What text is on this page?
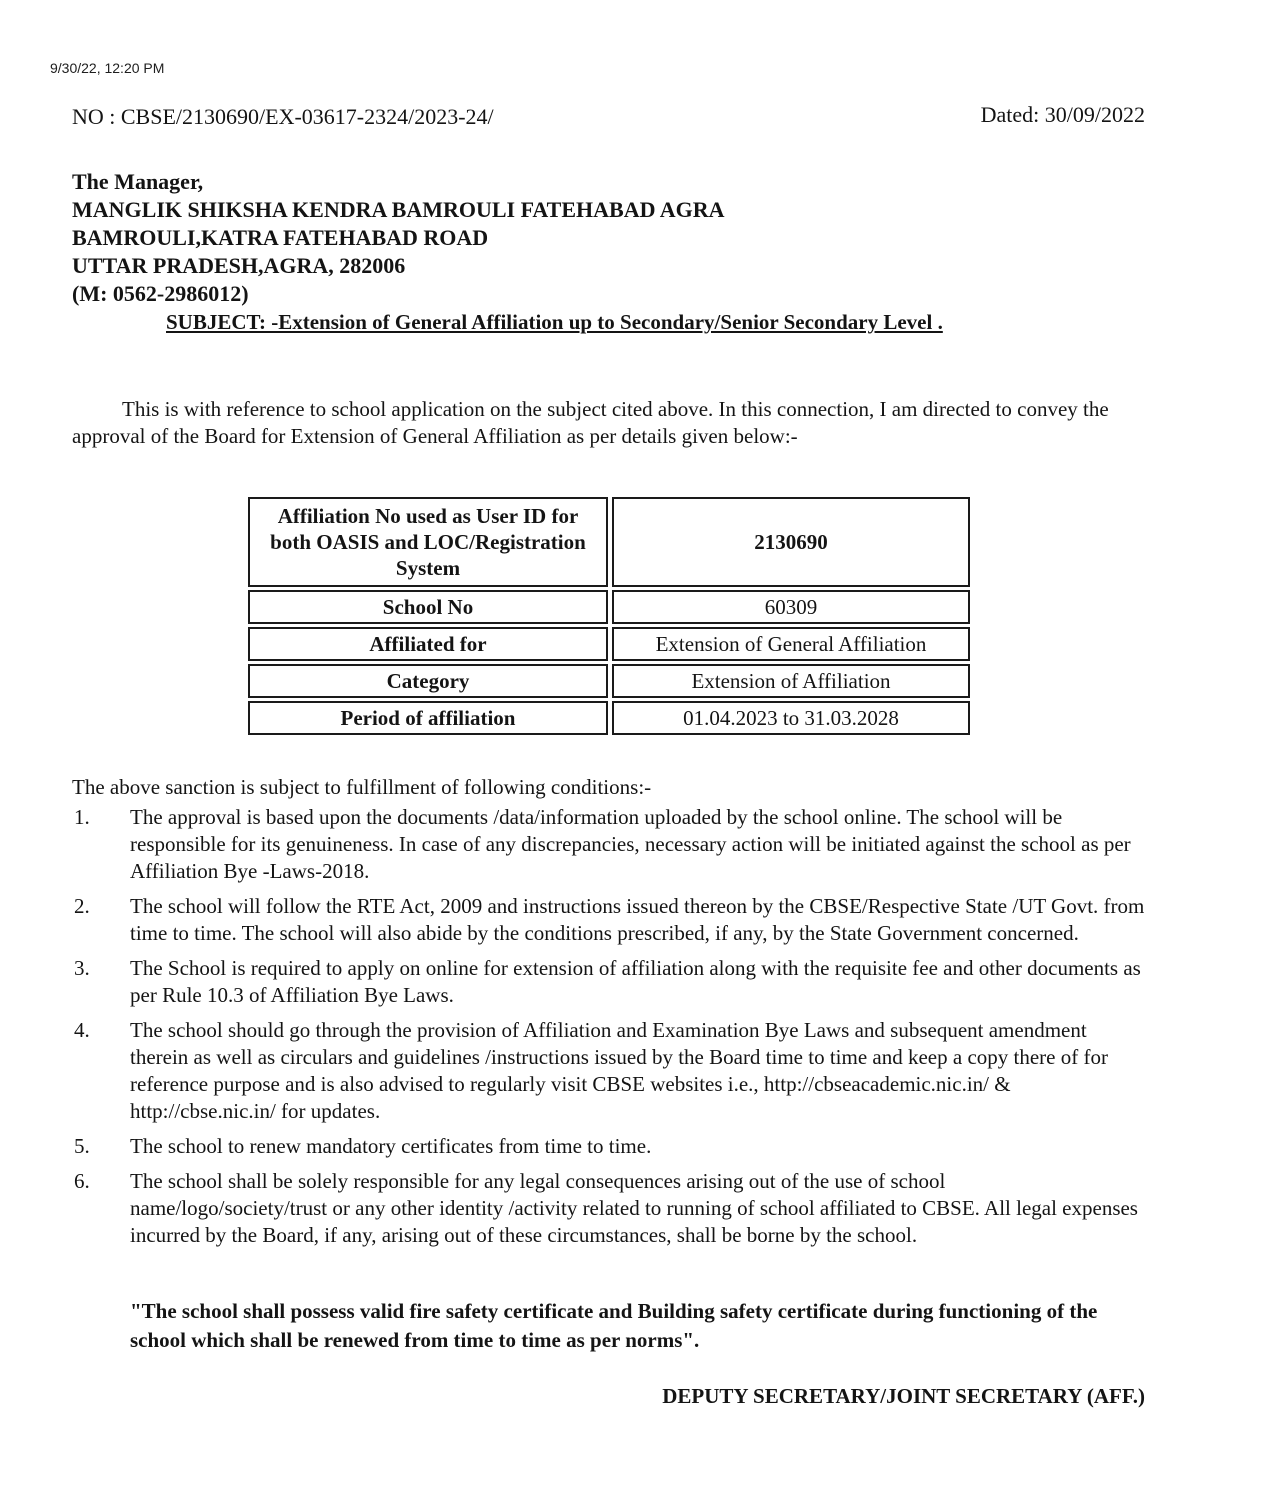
9/30/22, 12:20 PM
NO : CBSE/2130690/EX-03617-2324/2023-24/	Dated: 30/09/2022
The Manager,
MANGLIK SHIKSHA KENDRA BAMROULI FATEHABAD AGRA
BAMROULI,KATRA FATEHABAD ROAD
UTTAR PRADESH,AGRA, 282006
(M: 0562-2986012)
SUBJECT: -Extension of General Affiliation up to Secondary/Senior Secondary Level .

This is with reference to school application on the subject cited above. In this connection, I am directed to convey the approval of the Board for Extension of General Affiliation as per details given below:-

Affiliation No used as User ID for both OASIS and LOC/Registration System	2130690
School No	60309
Affiliated for	Extension of General Affiliation
Category	Extension of Affiliation
Period of affiliation	01.04.2023 to 31.03.2028
The above sanction is subject to fulfillment of following conditions:-
1.	The approval is based upon the documents /data/information uploaded by the school online. The school will be responsible for its genuineness. In case of any discrepancies, necessary action will be initiated against the school as per Affiliation Bye -Laws-2018.
2.	The school will follow the RTE Act, 2009 and instructions issued thereon by the CBSE/Respective State /UT Govt. from time to time. The school will also abide by the conditions prescribed, if any, by the State Government concerned.
3.	The School is required to apply on online for extension of affiliation along with the requisite fee and other documents as per Rule 10.3 of Affiliation Bye Laws.
4.	The school should go through the provision of Affiliation and Examination Bye Laws and subsequent amendment therein as well as circulars and guidelines /instructions issued by the Board time to time and keep a copy there of for reference purpose and is also advised to regularly visit CBSE websites i.e., http://cbseacademic.nic.in/ & http://cbse.nic.in/ for updates.
5.	The school to renew mandatory certificates from time to time.
6.	The school shall be solely responsible for any legal consequences arising out of the use of school name/logo/society/trust or any other identity /activity related to running of school affiliated to CBSE. All legal expenses incurred by the Board, if any, arising out of these circumstances, shall be borne by the school.
"The school shall possess valid fire safety certificate and Building safety certificate during functioning of the school which shall be renewed from time to time as per norms".
DEPUTY SECRETARY/JOINT SECRETARY (AFF.)
